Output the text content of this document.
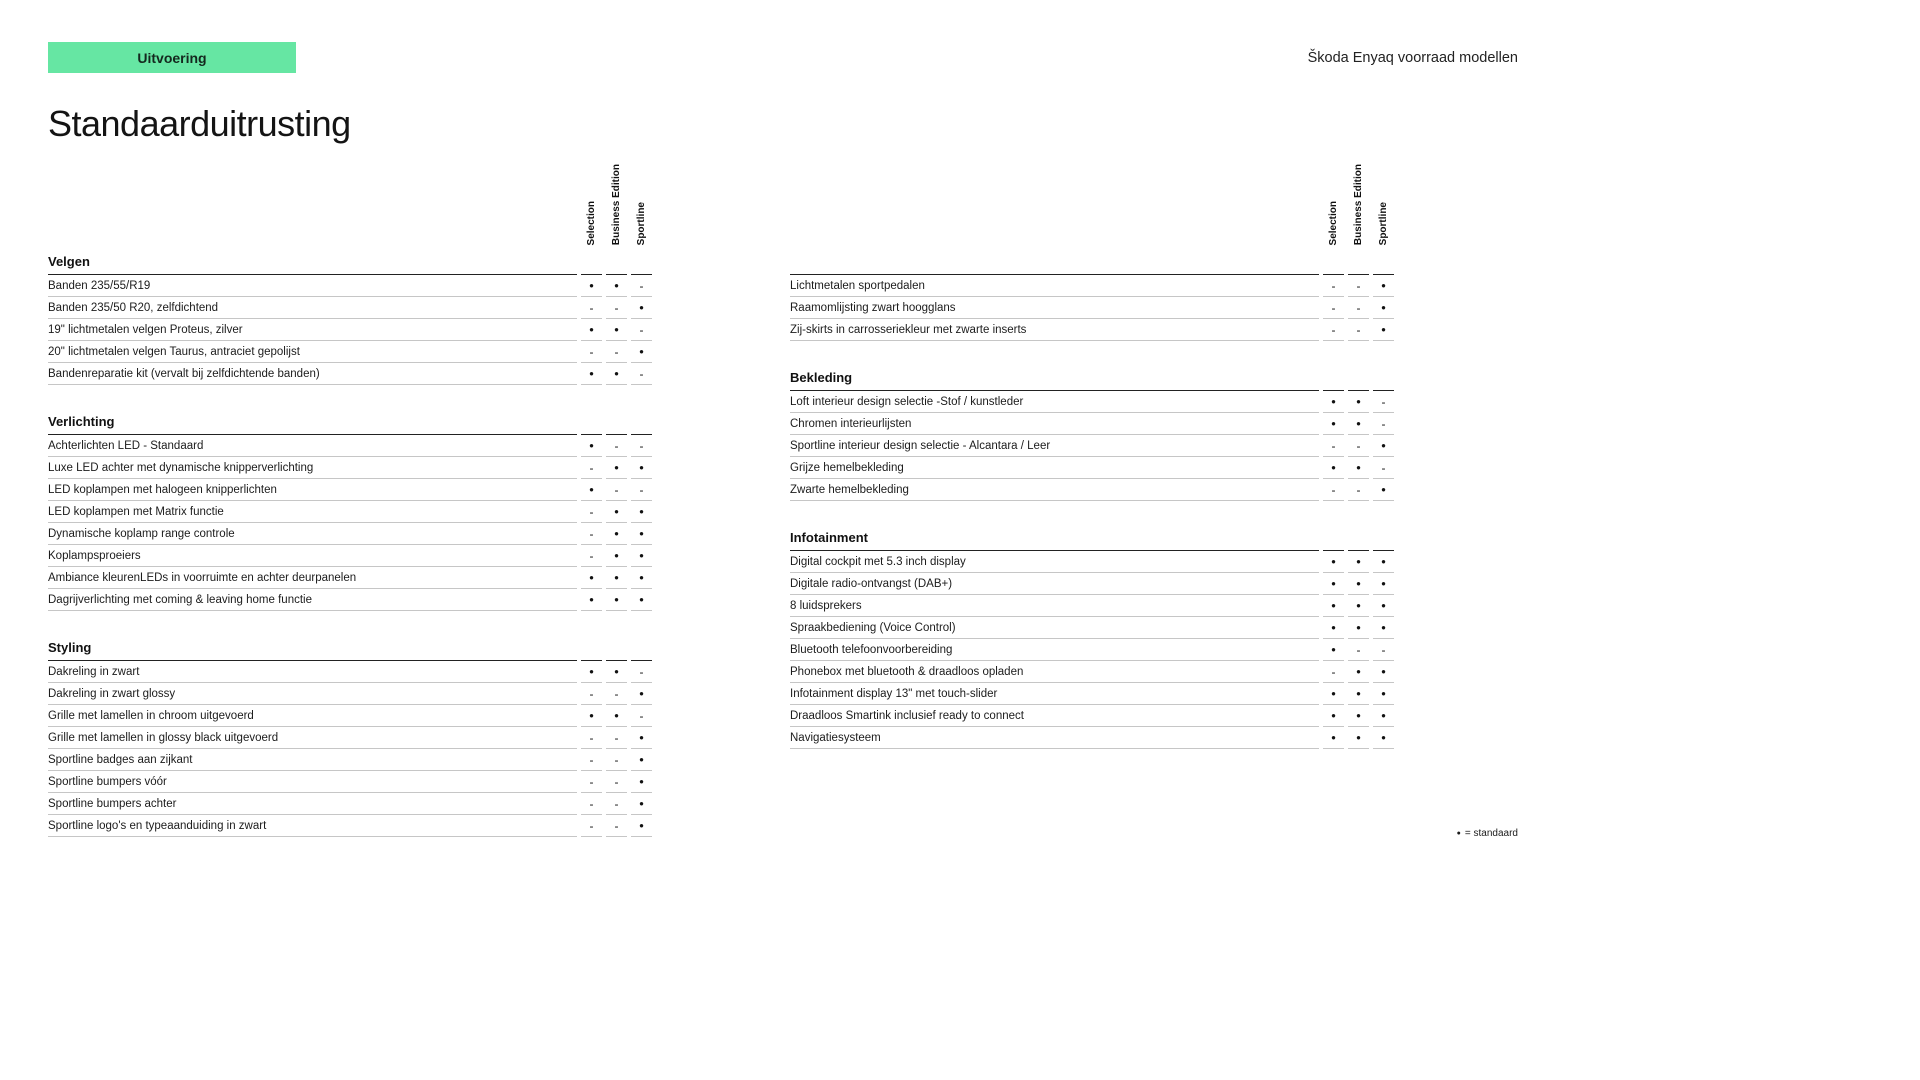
Uitvoering	Škoda Enyaq voorraad modellen
Standaarduitrusting
Selection Business Edition Sportline
Velgen
Banden 235/55/R19	●	●	-
Banden 235/50 R20, zelfdichtend	-	-	●
19" lichtmetalen velgen Proteus, zilver	●	●	-
20" lichtmetalen velgen Taurus, antraciet gepolijst	-	-	●
Bandenreparatie kit (vervalt bij zelfdichtende banden)	●	●	-
Verlichting
Achterlichten LED - Standaard	●	-	-
Luxe LED achter met dynamische knipperverlichting	-	●	●
LED koplampen met halogeen knipperlichten	●	-	-
LED koplampen met Matrix functie	-	●	●
Dynamische koplamp range controle	-	●	●
Koplampsproeiers	-	●	●
Ambiance kleurenLEDs in voorruimte en achter deurpanelen	●	●	●
Dagrijverlichting met coming & leaving home functie	●	●	●
Styling
Dakreling in zwart	●	●	-
Dakreling in zwart glossy	-	-	●
Grille met lamellen in chroom uitgevoerd	●	●	-
Grille met lamellen in glossy black uitgevoerd	-	-	●
Sportline badges aan zijkant	-	-	●
Sportline bumpers vóór	-	-	●
Sportline bumpers achter	-	-	●
Sportline logo's en typeaanduiding in zwart	-	-	●
Selection Business Edition Sportline
Lichtmetalen sportpedalen	-	-	●
Raamomlijsting zwart hoogglans	-	-	●
Zij-skirts in carrosseriekleur met zwarte inserts	-	-	●
Bekleding
Loft interieur design selectie -Stof / kunstleder	●	●	-
Chromen interieurlijsten	●	●	-
Sportline interieur design selectie - Alcantara / Leer	-	-	●
Grijze hemelbekleding	●	●	-
Zwarte hemelbekleding	-	-	●
Infotainment
Digital cockpit met 5.3 inch display	●	●	●
Digitale radio-ontvangst (DAB+)	●	●	●
8 luidsprekers	●	●	●
Spraakbediening (Voice Control)	●	●	●
Bluetooth telefoonvoorbereiding	●	-	-
Phonebox met bluetooth & draadloos opladen	-	●	●
Infotainment display 13" met touch-slider	●	●	●
Draadloos Smartink inclusief ready to connect	●	●	●
Navigatiesysteem	●	●	●
● = standaard
